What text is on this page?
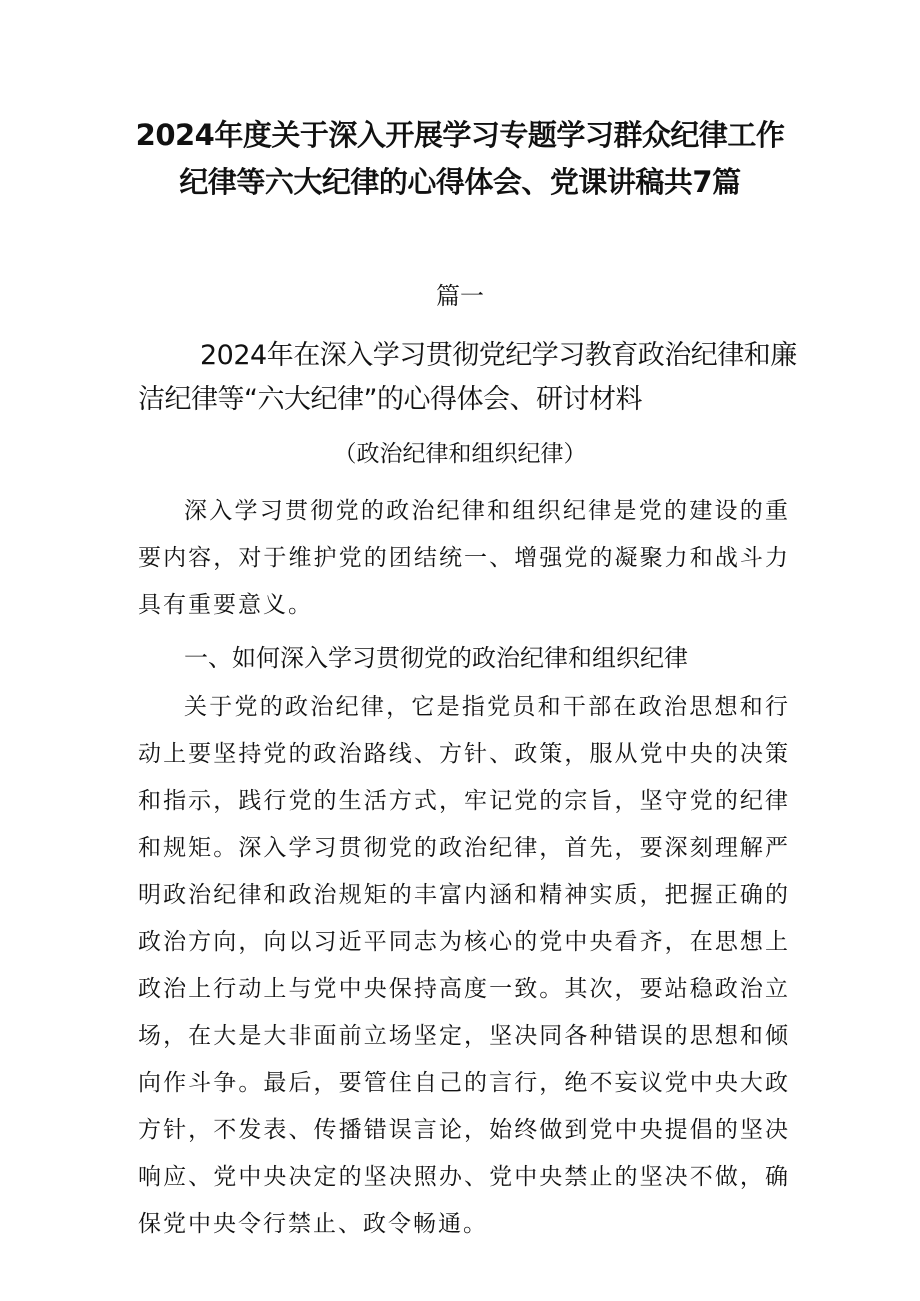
2024年度关于深入开展学习专题学习群众纪律工作
纪律等六大纪律的心得体会、党课讲稿共7篇
篇一
2024年在深入学习贯彻党纪学习教育政治纪律和廉
洁纪律等“六大纪律”的心得体会、研讨材料
（政治纪律和组织纪律）
深入学习贯彻党的政治纪律和组织纪律是党的建设的重要内容，对于维护党的团结统一、增强党的凝聚力和战斗力具有重要意义。
一、如何深入学习贯彻党的政治纪律和组织纪律
关于党的政治纪律，它是指党员和干部在政治思想和行动上要坚持党的政治路线、方针、政策，服从党中央的决策和指示，践行党的生活方式，牢记党的宗旨，坚守党的纪律和规矩。深入学习贯彻党的政治纪律，首先，要深刻理解严明政治纪律和政治规矩的丰富内涵和精神实质，把握正确的政治方向，向以习近平同志为核心的党中央看齐，在思想上政治上行动上与党中央保持高度一致。其次，要站稳政治立场，在大是大非面前立场坚定，坚决同各种错误的思想和倾向作斗争。最后，要管住自己的言行，绝不妄议党中央大政方针，不发表、传播错误言论，始终做到党中央提倡的坚决响应、党中央决定的坚决照办、党中央禁止的坚决不做，确保党中央令行禁止、政令畅通。
